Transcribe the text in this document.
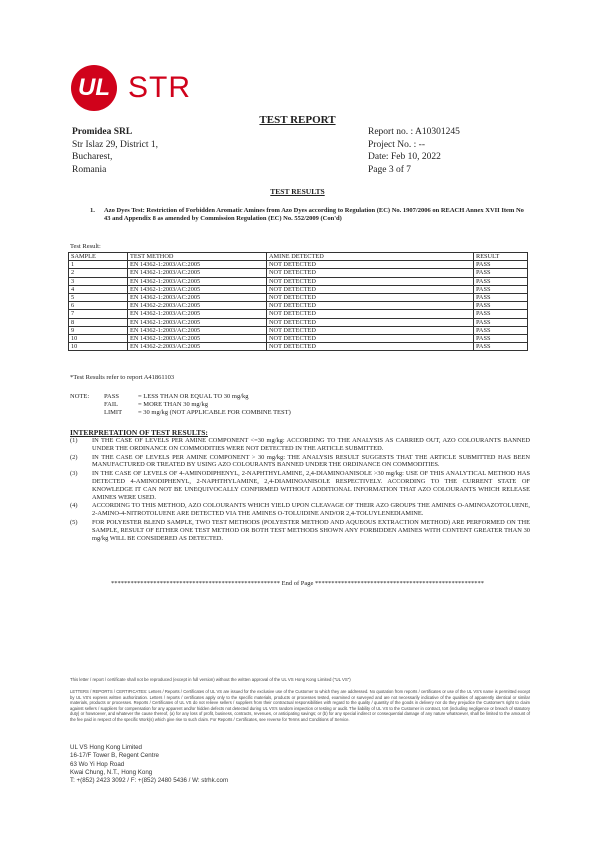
UL STR
TEST REPORT
Promidea SRL
Str Islaz 29, District 1,
Bucharest,
Romania
Report no. : A10301245
Project No. : --
Date: Feb 10, 2022
Page 3 of 7
TEST RESULTS
1. Azo Dyes Test: Restriction of Forbidden Aromatic Amines from Azo Dyes according to Regulation (EC) No. 1907/2006 on REACH Annex XVII Item No 43 and Appendix 8 as amended by Commission Regulation (EC) No. 552/2009 (Con'd)
Test Result:
SAMPLE	TEST METHOD	AMINE DETECTED	RESULT
1	EN 14362-1:2003/AC:2005	NOT DETECTED	PASS
2	EN 14362-1:2003/AC:2005	NOT DETECTED	PASS
3	EN 14362-1:2003/AC:2005	NOT DETECTED	PASS
4	EN 14362-1:2003/AC:2005	NOT DETECTED	PASS
5	EN 14362-1:2003/AC:2005	NOT DETECTED	PASS
6	EN 14362-2:2003/AC:2005	NOT DETECTED	PASS
7	EN 14362-1:2003/AC:2005	NOT DETECTED	PASS
8	EN 14362-1:2003/AC:2005	NOT DETECTED	PASS
9	EN 14362-1:2003/AC:2005	NOT DETECTED	PASS
10	EN 14362-1:2003/AC:2005	NOT DETECTED	PASS
10	EN 14362-2:2003/AC:2005	NOT DETECTED	PASS
*Test Results refer to report A41861103
NOTE: PASS	= LESS THAN OR EQUAL TO 30 mg/kg
FAIL	= MORE THAN 30 mg/kg
LIMIT = 30 mg/kg (NOT APPLICABLE FOR COMBINE TEST)
INTERPRETATION OF TEST RESULTS:
(1)	IN THE CASE OF LEVELS PER AMINE COMPONENT <=30 mg/kg: ACCORDING TO THE ANALYSIS AS CARRIED OUT, AZO COLOURANTS BANNED UNDER THE ORDINANCE ON COMMODITIES WERE NOT DETECTED IN THE ARTICLE SUBMITTED.
(2)	IN THE CASE OF LEVELS PER AMINE COMPONENT > 30 mg/kg: THE ANALYSIS RESULT SUGGESTS THAT THE ARTICLE SUBMITTED HAS BEEN MANUFACTURED OR TREATED BY USING AZO COLOURANTS BANNED UNDER THE ORDINANCE ON COMMODITIES.
(3)	IN THE CASE OF LEVELS OF 4-AMINODIPHENYL, 2-NAPHTHYLAMINE, 2,4-DIAMINOANISOLE >30 mg/kg: USE OF THIS ANALYTICAL METHOD HAS DETECTED 4-AMINODIPHENYL, 2-NAPHTHYLAMINE, 2,4-DIAMINOANISOLE RESPECTIVELY. ACCORDING TO THE CURRENT STATE OF KNOWLEDGE IT CAN NOT BE UNEQUIVOCALLY CONFIRMED WITHOUT ADDITIONAL INFORMATION THAT AZO COLOURANTS WHICH RELEASE AMINES WERE USED.
(4)	ACCORDING TO THIS METHOD, AZO COLOURANTS WHICH YIELD UPON CLEAVAGE OF THEIR AZO GROUPS THE AMINES O-AMINOAZOTOLUENE, 2-AMINO-4-NITROTOLUENE ARE DETECTED VIA THE AMINES O-TOLUIDINE AND/OR 2,4-TOLUYLENEDIAMINE.
(5)	FOR POLYESTER BLEND SAMPLE, TWO TEST METHODS (POLYESTER METHOD AND AQUEOUS EXTRACTION METHOD) ARE PERFORMED ON THE SAMPLE, RESULT OF EITHER ONE TEST METHOD OR BOTH TEST METHODS SHOWN ANY FORBIDDEN AMINES WITH CONTENT GREATER THAN 30 mg/kg WILL BE CONSIDERED AS DETECTED.
**************************************************** End of Page ****************************************************
This letter / report / certificate shall not be reproduced (except in full version) without the written approval of the UL VS Hong Kong Limited ("UL VS")
LETTERS / REPORTS / CERTIFICATES: Letters / Reports / Certificates of UL VS are issued for the exclusive use of the Customer to which they are addressed. No quotation from reports / certificates or use of the UL VS's name is permitted except by UL VS's express written authorization. Letters / reports / certificates apply only to the specific materials, products or processes tested, examined or surveyed and are not necessarily indicative of the qualities of apparently identical or similar materials, products or processes. Reports / Certificates of UL VS do not relieve sellers / suppliers from their contractual responsibilities with regard to the quality / quantity of the goods in delivery nor do they prejudice the Customer's right to claim against sellers / suppliers for compensation for any apparent and/or hidden defects not detected during UL VS's random inspection or testing or audit. The liability of UL VS to the Customer in contract, tort (including negligence or breach of statutory duty) or howsoever, and whatever the cause thereof, (a) for any loss of profit, business, contracts, revenues, or anticipating savings; or (b) for any special indirect or consequential damage of any nature whatsoever, shall be limited to the amount of the fee paid in respect of the specific Work(s) which give rise to such claim. For Reports / Certificates, see reverse for Terms and Conditions of Service.
UL VS Hong Kong Limited
16-17/F Tower B, Regent Centre
63 Wo Yi Hop Road
Kwai Chung, N.T., Hong Kong
T: +(852) 2423 3092 / F: +(852) 2480 5436 / W: strhk.com
